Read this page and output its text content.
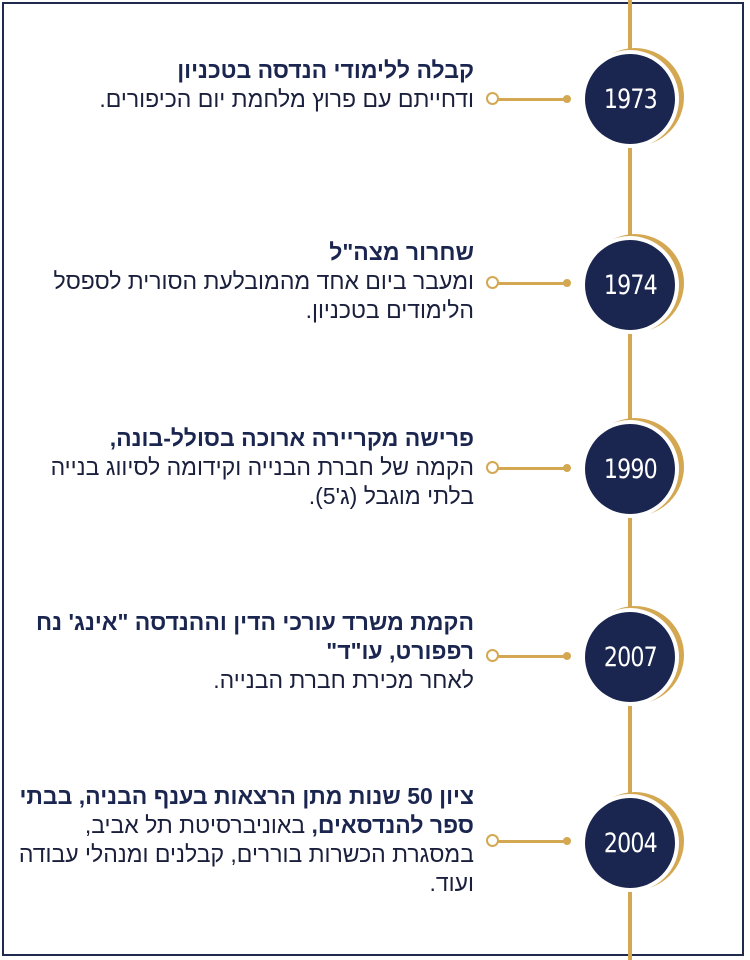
קבלה ללימודי הנדסה בטכניון
ודחייתם עם פרוץ מלחמת יום הכיפורים.	1973
שחרור מצה"ל
ומעבר ביום אחד מהמובלעת הסורית לספסל הלימודים בטכניון.
1974
פרישה מקריירה ארוכה בסולל-בונה,
הקמה של חברת הבנייה וקידומה לסיווג בנייה בלתי מוגבל (ג'5).
1990
הקמת משרד עורכי הדין וההנדסה "אינג' נח רפפורט, עו"ד"
לאחר מכירת חברת הבנייה.
2007
ציון 50 שנות מתן הרצאות בענף הבניה, בבתי ספר להנדסאים, באוניברסיטת תל אביב, במסגרת הכשרות בוררים, קבלנים ומנהלי עבודה ועוד.
2004
